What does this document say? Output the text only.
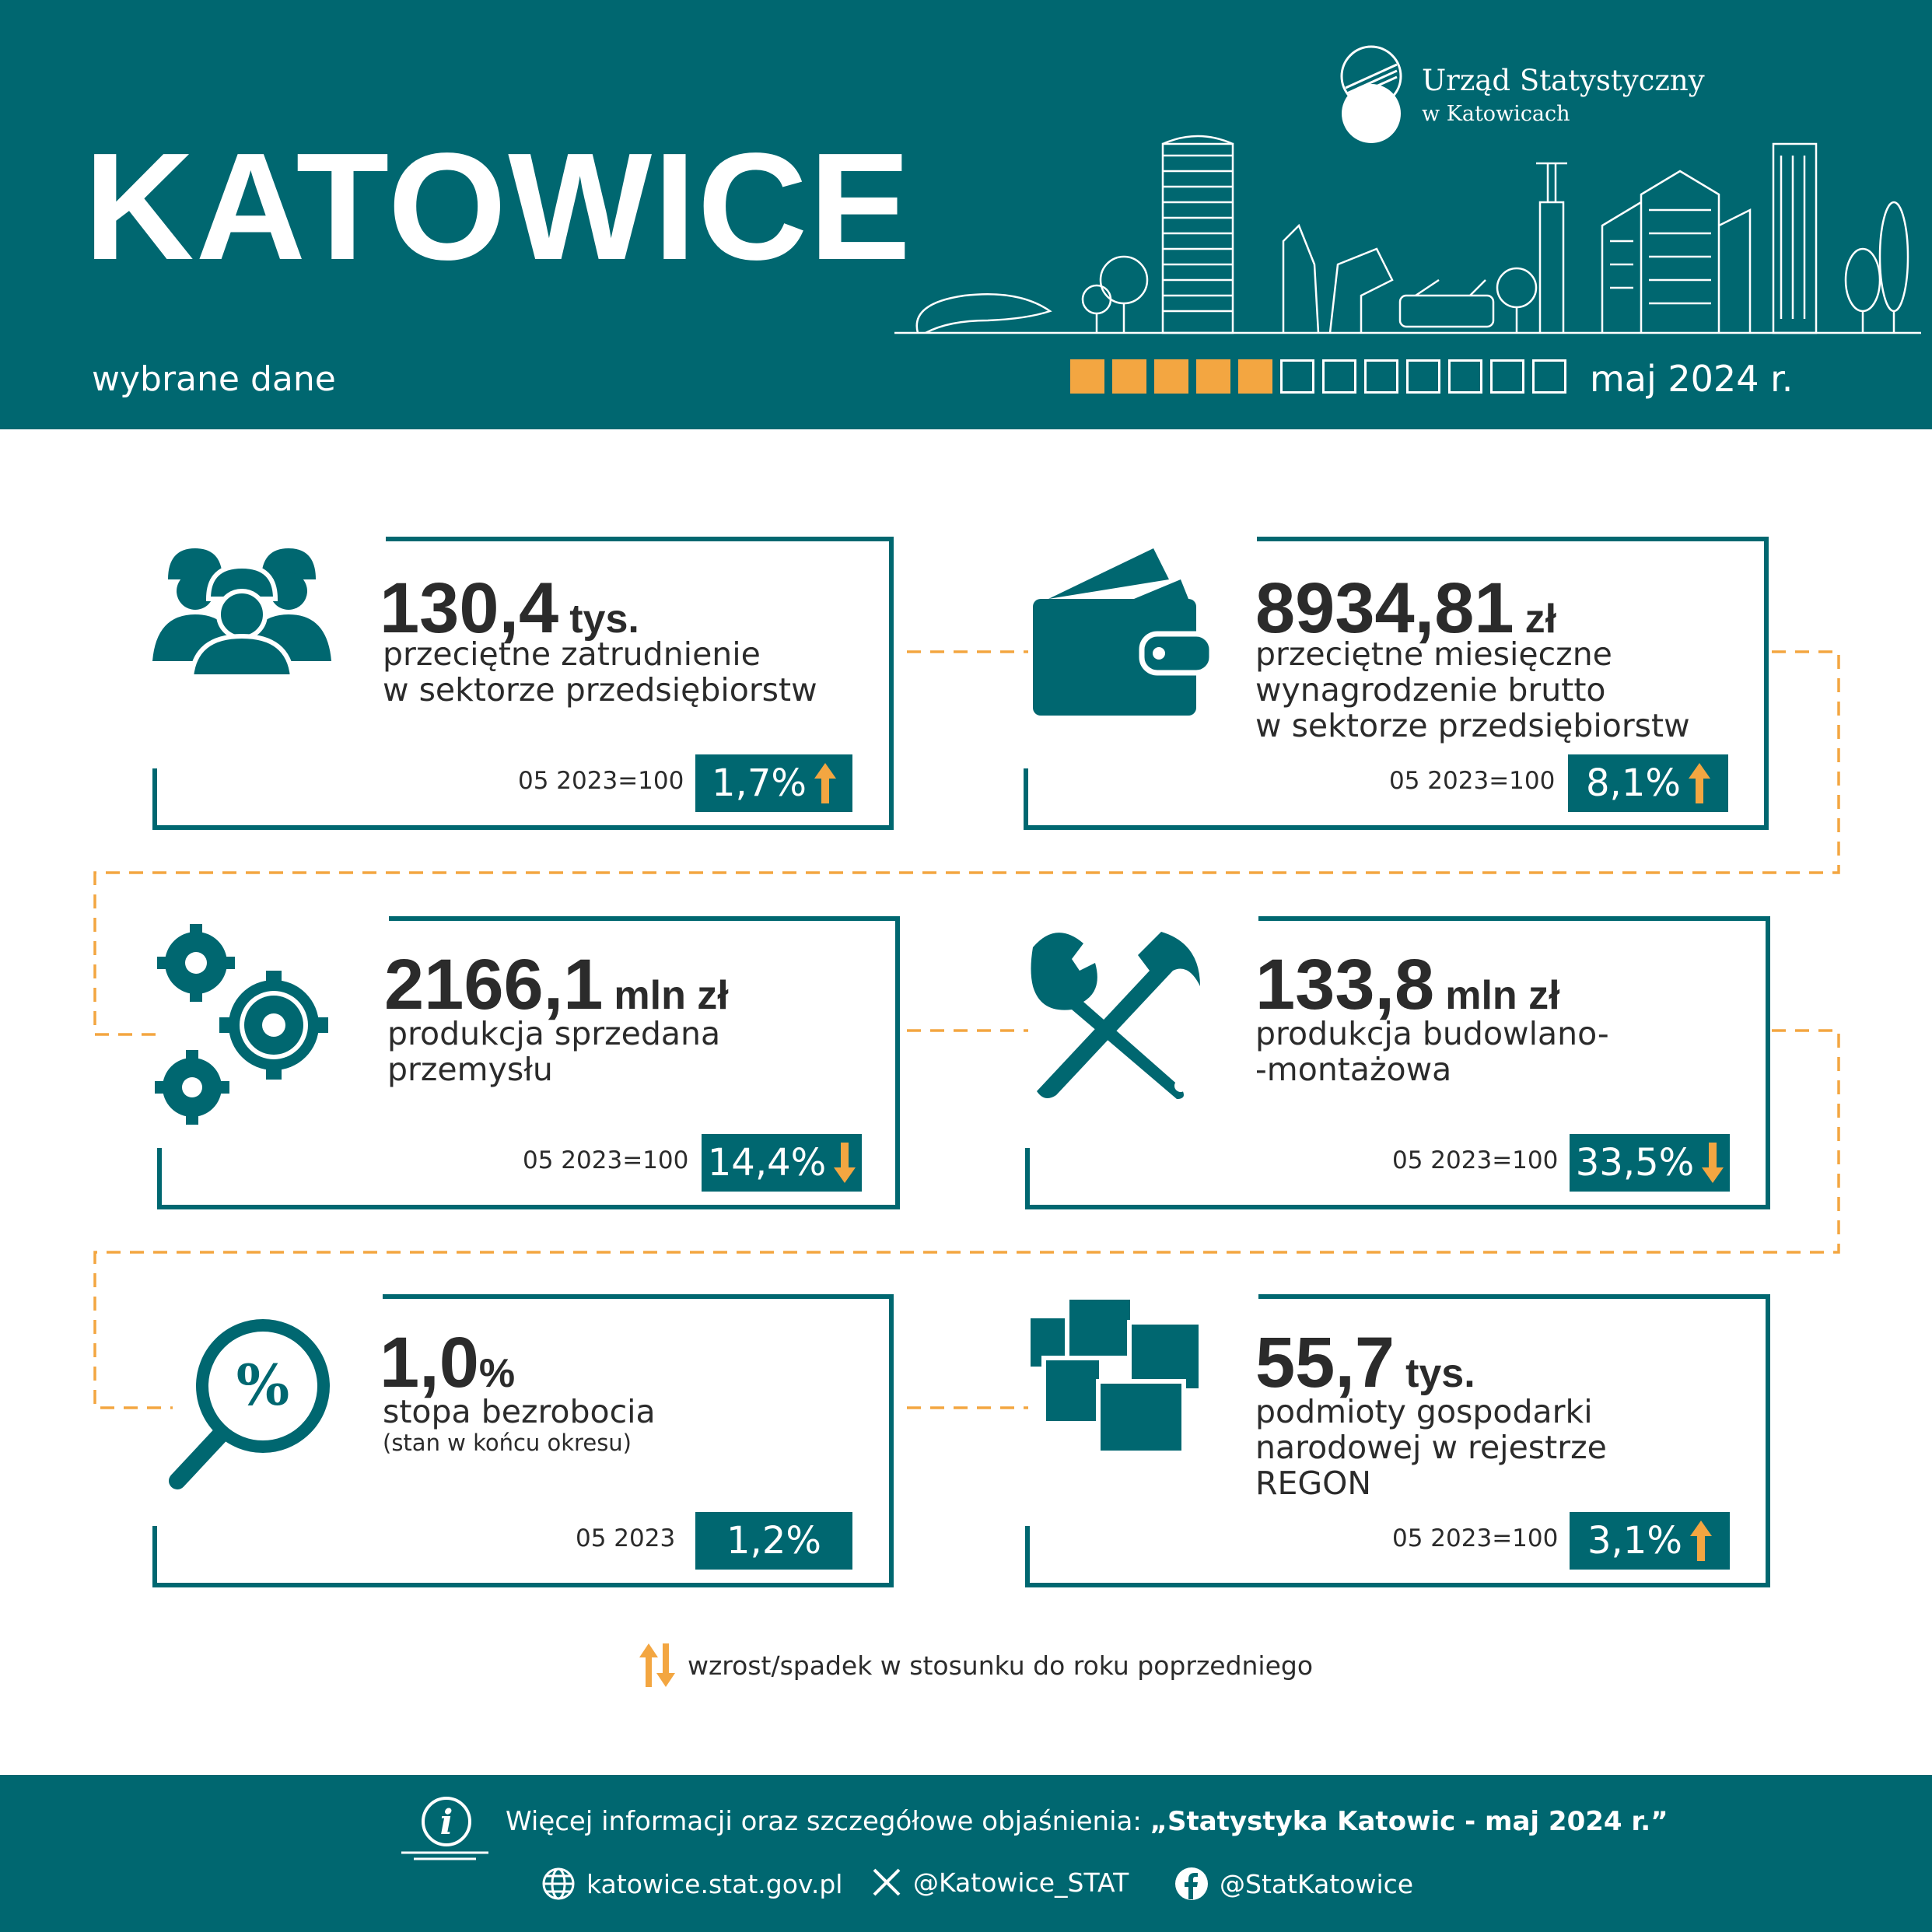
KATOWICE
Urząd Statystyczny
w Katowicach
wybrane dane	maj 2024 r.
130,4 tys.
przeciętne zatrudnienie
w sektorze przedsiębiorstw
05 2023=100 1,7%
8934,81 zł
przeciętne miesięczne
wynagrodzenie brutto
w sektorze przedsiębiorstw
05 2023=100 8,1%
2166,1 mln zł
produkcja sprzedana
przemysłu
05 2023=100 14,4%
133,8 mln zł
produkcja budowlano-
-montażowa
05 2023=100 33,5%
% 1,0%
stopa bezrobocia
(stan w końcu okresu)
05 2023 1,2%
55,7 tys.
podmioty gospodarki
narodowej w rejestrze
REGON
05 2023=100 3,1%
wzrost/spadek w stosunku do roku poprzedniego
i Więcej informacji oraz szczegółowe objaśnienia: „Statystyka Katowic - maj 2024 r.”
katowice.stat.gov.pl	@Katowice_STAT	@StatKatowice
